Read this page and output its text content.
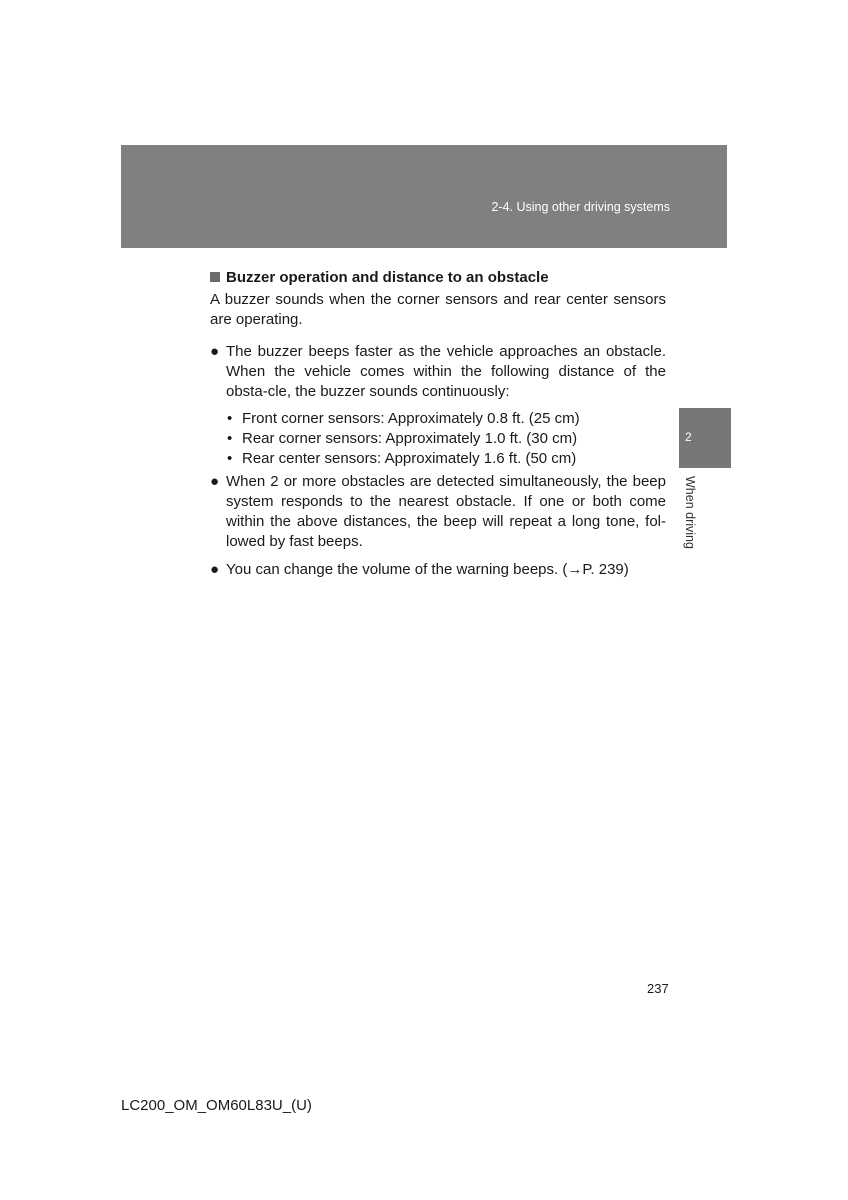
2-4. Using other driving systems
2
When driving

Buzzer operation and distance to an obstacle

A buzzer sounds when the corner sensors and rear center sensors are operating.

● The buzzer beeps faster as the vehicle approaches an obstacle. When the vehicle comes within the following distance of the obsta-cle, the buzzer sounds continuously:
• Front corner sensors: Approximately 0.8 ft. (25 cm)
• Rear corner sensors: Approximately 1.0 ft. (30 cm)
• Rear center sensors: Approximately 1.6 ft. (50 cm)
● When 2 or more obstacles are detected simultaneously, the beep system responds to the nearest obstacle. If one or both come within the above distances, the beep will repeat a long tone, fol-lowed by fast beeps.
● You can change the volume of the warning beeps. (→P. 239)
237
LC200_OM_OM60L83U_(U)
